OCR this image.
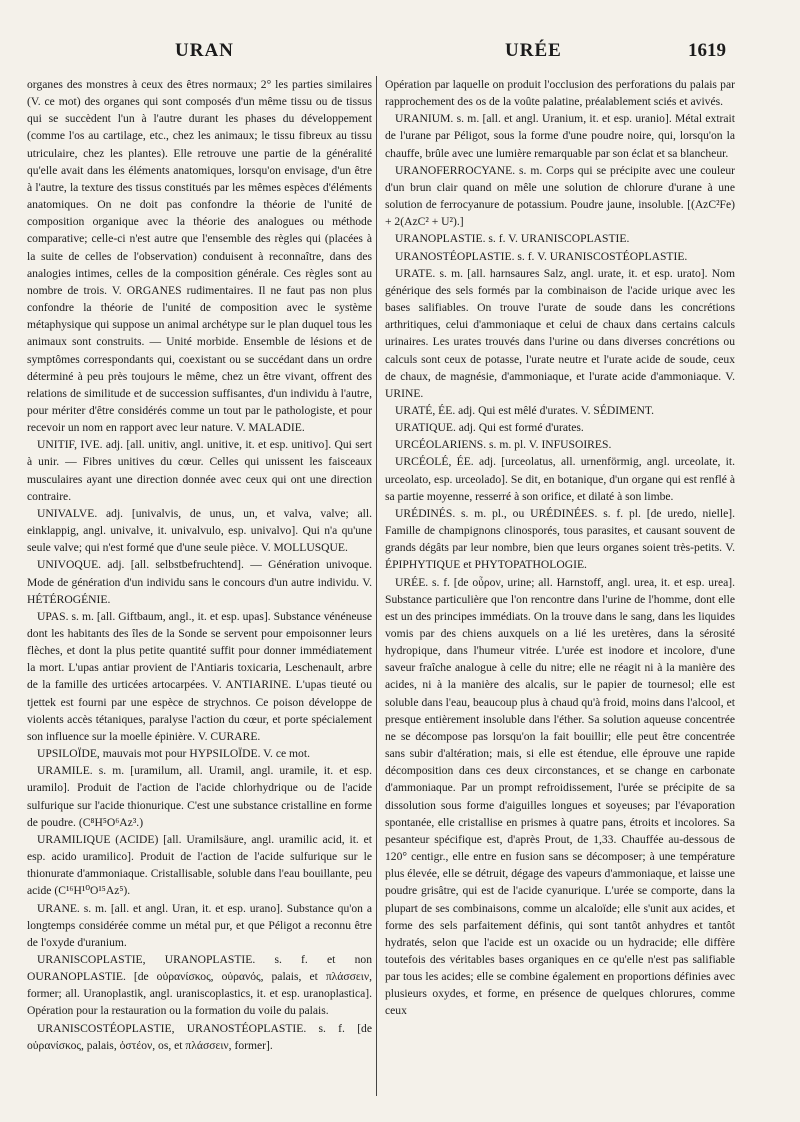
URAN	URÉE	1619

organes des monstres à ceux des êtres normaux; 2° les parties similaires (V. ce mot) des organes qui sont composés d'un même tissu ou de tissus qui se succèdent l'un à l'autre durant les phases du développement (comme l'os au cartilage, etc., chez les animaux; le tissu fibreux au tissu utriculaire, chez les plantes). Elle retrouve une partie de la généralité qu'elle avait dans les éléments anatomiques, lorsqu'on envisage, d'un être à l'autre, la texture des tissus constitués par les mêmes espèces d'éléments anatomiques. On ne doit pas confondre la théorie de l'unité de composition organique avec la théorie des analogues ou méthode comparative; celle-ci n'est autre que l'ensemble des règles qui (placées à la suite de celles de l'observation) conduisent à reconnaître, dans des analogies intimes, celles de la composition générale. Ces règles sont au nombre de trois. V. ORGANES rudimentaires. Il ne faut pas non plus confondre la théorie de l'unité de composition avec le système métaphysique qui suppose un animal archétype sur le plan duquel tous les animaux sont construits. — Unité morbide. Ensemble de lésions et de symptômes correspondants qui, coexistant ou se succédant dans un ordre déterminé à peu près toujours le même, chez un être vivant, offrent des relations de similitude et de succession suffisantes, d'un individu à l'autre, pour mériter d'être considérés comme un tout par le pathologiste, et pour recevoir un nom en rapport avec leur nature. V. MALADIE.

UNITIF, IVE. adj. [all. unitiv, angl. unitive, it. et esp. unitivo]. Qui sert à unir. — Fibres unitives du cœur. Celles qui unissent les faisceaux musculaires ayant une direction donnée avec ceux qui ont une direction contraire.

UNIVALVE. adj. [univalvis, de unus, un, et valva, valve; all. einklappig, angl. univalve, it. univalvulo, esp. univalvo]. Qui n'a qu'une seule valve; qui n'est formé que d'une seule pièce. V. MOLLUSQUE.

UNIVOQUE. adj. [all. selbstbefruchtend]. — Génération univoque. Mode de génération d'un individu sans le concours d'un autre individu. V. HÉTÉROGÉNIE.

UPAS. s. m. [all. Giftbaum, angl., it. et esp. upas]. Substance vénéneuse dont les habitants des îles de la Sonde se servent pour empoisonner leurs flèches, et dont la plus petite quantité suffit pour donner immédiatement la mort. L'upas antiar provient de l'Antiaris toxicaria, Leschenault, arbre de la famille des urticées artocarpées. V. ANTIARINE. L'upas tieuté ou tjettek est fourni par une espèce de strychnos. Ce poison développe de violents accès tétaniques, paralyse l'action du cœur, et porte spécialement son influence sur la moelle épinière. V. CURARE.

UPSILOÏDE, mauvais mot pour HYPSILOÏDE. V. ce mot.

URAMILE. s. m. [uramilum, all. Uramil, angl. uramile, it. et esp. uramilo]. Produit de l'action de l'acide chlorhydrique ou de l'acide sulfurique sur l'acide thionurique. C'est une substance cristalline en forme de poudre. (C⁸H⁵O⁶Az³.)

URAMILIQUE (ACIDE) [all. Uramilsäure, angl. uramilic acid, it. et esp. acido uramilico]. Produit de l'action de l'acide sulfurique sur le thionurate d'ammoniaque. Cristallisable, soluble dans l'eau bouillante, peu acide (C¹⁶H¹⁰O¹⁵Az⁵).

URANE. s. m. [all. et angl. Uran, it. et esp. urano]. Substance qu'on a longtemps considérée comme un métal pur, et que Péligot a reconnu être de l'oxyde d'uranium.

URANISCOPLASTIE, URANOPLASTIE. s. f. et non OURANOPLASTIE. [de οὐρανίσκος, οὐρανός, palais, et πλάσσειν, former; all. Uranoplastik, angl. uraniscoplastics, it. et esp. uranoplastica]. Opération pour la restauration ou la formation du voile du palais.

URANISCOSTÉOPLASTIE, URANOSTÉOPLASTIE. s. f. [de οὐρανίσκος, palais, ὀστέον, os, et πλάσσειν, former].

Opération par laquelle on produit l'occlusion des perforations du palais par rapprochement des os de la voûte palatine, préalablement sciés et avivés.

URANIUM. s. m. [all. et angl. Uranium, it. et esp. uranio]. Métal extrait de l'urane par Péligot, sous la forme d'une poudre noire, qui, lorsqu'on la chauffe, brûle avec une lumière remarquable par son éclat et sa blancheur.

URANOFERROCYANE. s. m. Corps qui se précipite avec une couleur d'un brun clair quand on mêle une solution de chlorure d'urane à une solution de ferrocyanure de potassium. Poudre jaune, insoluble. [(AzC²Fe) + 2(AzC² + U²).]

URANOPLASTIE. s. f. V. URANISCOPLASTIE.

URANOSTÉOPLASTIE. s. f. V. URANISCOSTÉOPLASTIE.

URATE. s. m. [all. harnsaures Salz, angl. urate, it. et esp. urato]. Nom générique des sels formés par la combinaison de l'acide urique avec les bases salifiables. On trouve l'urate de soude dans les concrétions arthritiques, celui d'ammoniaque et celui de chaux dans certains calculs urinaires. Les urates trouvés dans l'urine ou dans diverses concrétions ou calculs sont ceux de potasse, l'urate neutre et l'urate acide de soude, ceux de chaux, de magnésie, d'ammoniaque, et l'urate acide d'ammoniaque. V. URINE.

URATÉ, ÉE. adj. Qui est mêlé d'urates. V. SÉDIMENT.

URATIQUE. adj. Qui est formé d'urates.

URCÉOLARIENS. s. m. pl. V. INFUSOIRES.

URCÉOLÉ, ÉE. adj. [urceolatus, all. urnenförmig, angl. urceolate, it. urceolato, esp. urceolado]. Se dit, en botanique, d'un organe qui est renflé à sa partie moyenne, resserré à son orifice, et dilaté à son limbe.

URÉDINÉS. s. m. pl., ou URÉDINÉES. s. f. pl. [de uredo, nielle]. Famille de champignons clinosporés, tous parasites, et causant souvent de grands dégâts par leur nombre, bien que leurs organes soient très-petits. V. ÉPIPHYTIQUE et PHYTOPATHOLOGIE.

URÉE. s. f. [de οὖρον, urine; all. Harnstoff, angl. urea, it. et esp. urea]. Substance particulière que l'on rencontre dans l'urine de l'homme, dont elle est un des principes immédiats. On la trouve dans le sang, dans les liquides vomis par des chiens auxquels on a lié les uretères, dans la sérosité hydropique, dans l'humeur vitrée. L'urée est inodore et incolore, d'une saveur fraîche analogue à celle du nitre; elle ne réagit ni à la manière des acides, ni à la manière des alcalis, sur le papier de tournesol; elle est soluble dans l'eau, beaucoup plus à chaud qu'à froid, moins dans l'alcool, et presque entièrement insoluble dans l'éther. Sa solution aqueuse concentrée ne se décompose pas lorsqu'on la fait bouillir; elle peut être concentrée sans subir d'altération; mais, si elle est étendue, elle éprouve une rapide décomposition dans ces deux circonstances, et se change en carbonate d'ammoniaque. Par un prompt refroidissement, l'urée se précipite de sa dissolution sous forme d'aiguilles longues et soyeuses; par l'évaporation spontanée, elle cristallise en prismes à quatre pans, étroits et incolores. Sa pesanteur spécifique est, d'après Prout, de 1,33. Chauffée au-dessous de 120° centigr., elle entre en fusion sans se décomposer; à une température plus élevée, elle se détruit, dégage des vapeurs d'ammoniaque, et laisse une poudre grisâtre, qui est de l'acide cyanurique. L'urée se comporte, dans la plupart de ses combinaisons, comme un alcaloïde; elle s'unit aux acides, et forme des sels parfaitement définis, qui sont tantôt anhydres et tantôt hydratés, selon que l'acide est un oxacide ou un hydracide; elle diffère toutefois des véritables bases organiques en ce qu'elle n'est pas salifiable par tous les acides; elle se combine également en proportions définies avec plusieurs oxydes, et forme, en présence de quelques chlorures, comme ceux
